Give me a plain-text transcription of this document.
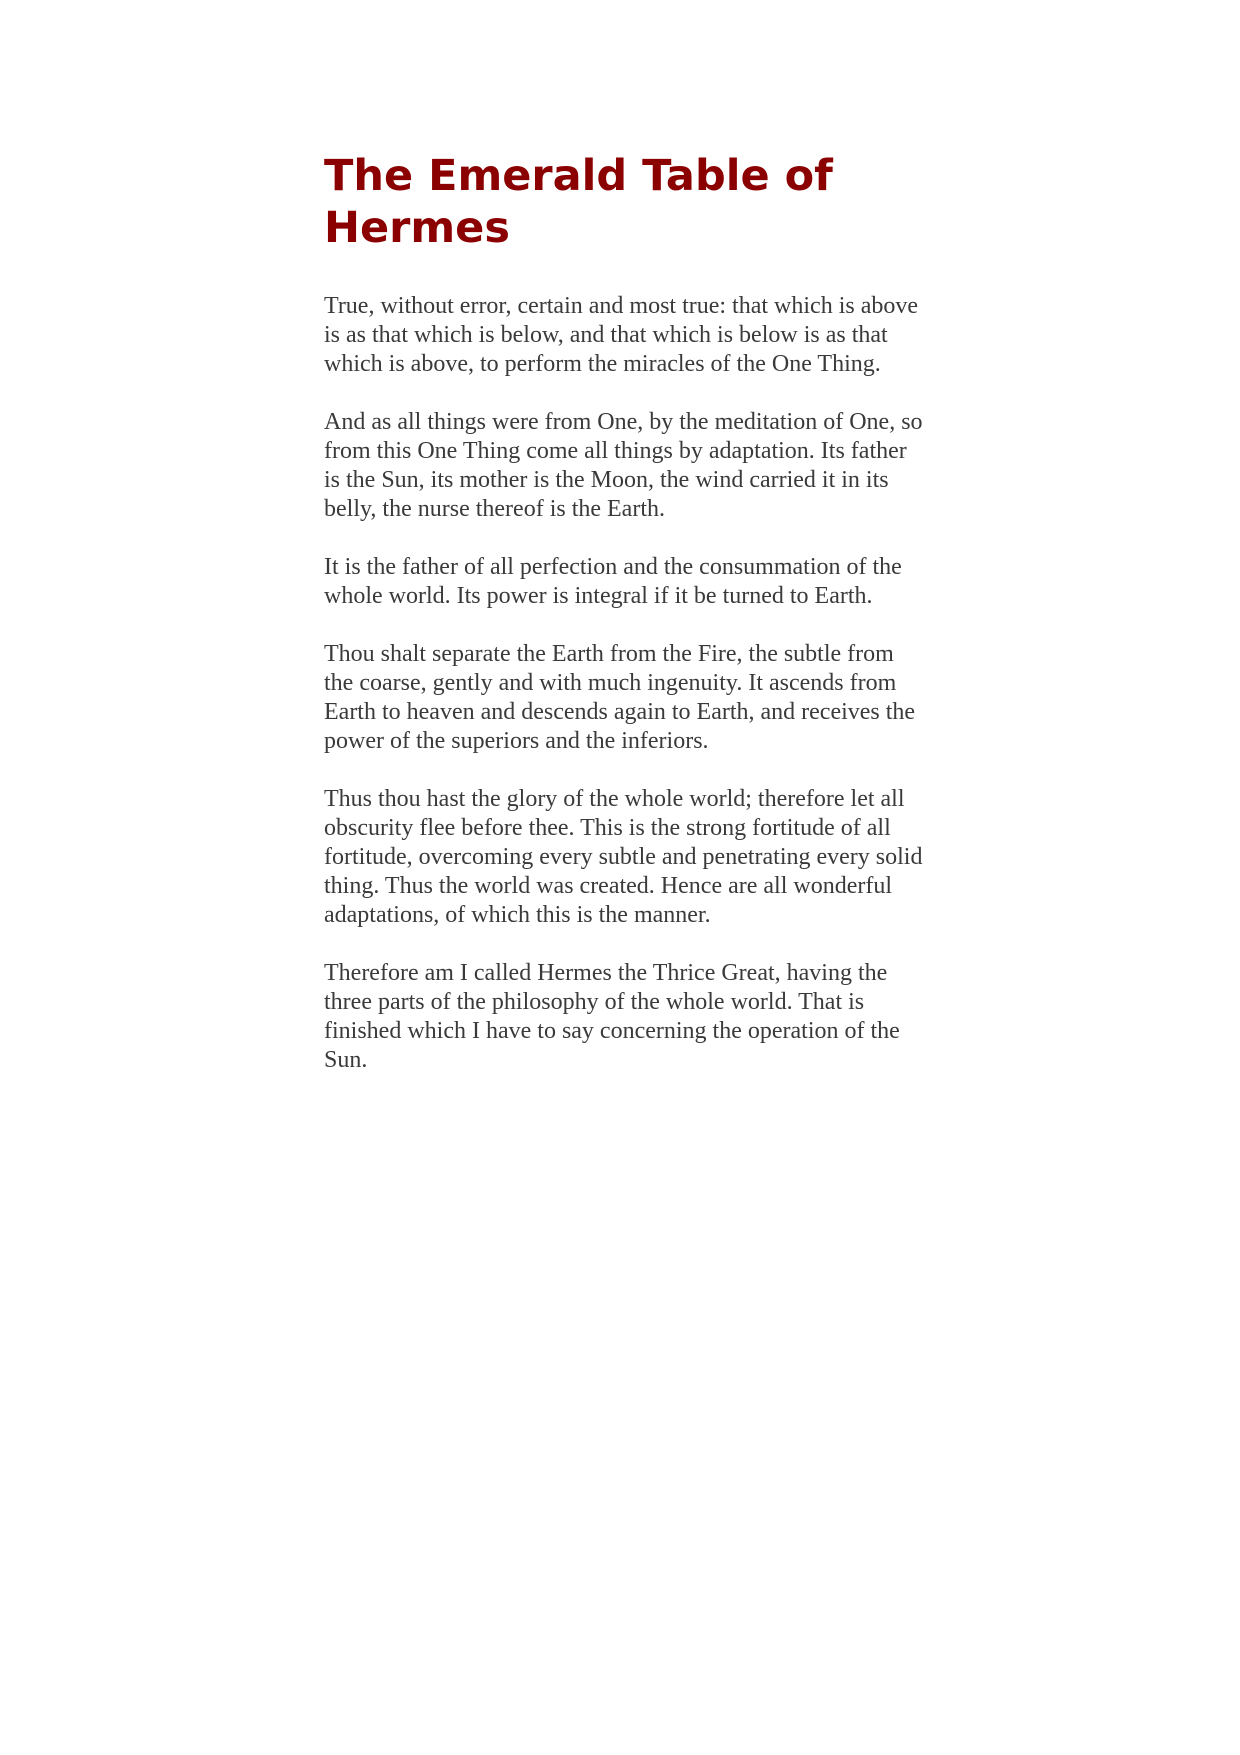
The Emerald Table of Hermes

True, without error, certain and most true: that which is above is as that which is below, and that which is below is as that which is above, to perform the miracles of the One Thing.

And as all things were from One, by the meditation of One, so from this One Thing come all things by adaptation. Its father is the Sun, its mother is the Moon, the wind carried it in its belly, the nurse thereof is the Earth.

It is the father of all perfection and the consummation of the whole world. Its power is integral if it be turned to Earth.

Thou shalt separate the Earth from the Fire, the subtle from the coarse, gently and with much ingenuity. It ascends from Earth to heaven and descends again to Earth, and receives the power of the superiors and the inferiors.

Thus thou hast the glory of the whole world; therefore let all obscurity flee before thee. This is the strong fortitude of all fortitude, overcoming every subtle and penetrating every solid thing. Thus the world was created. Hence are all wonderful adaptations, of which this is the manner.

Therefore am I called Hermes the Thrice Great, having the three parts of the philosophy of the whole world. That is finished which I have to say concerning the operation of the Sun.
